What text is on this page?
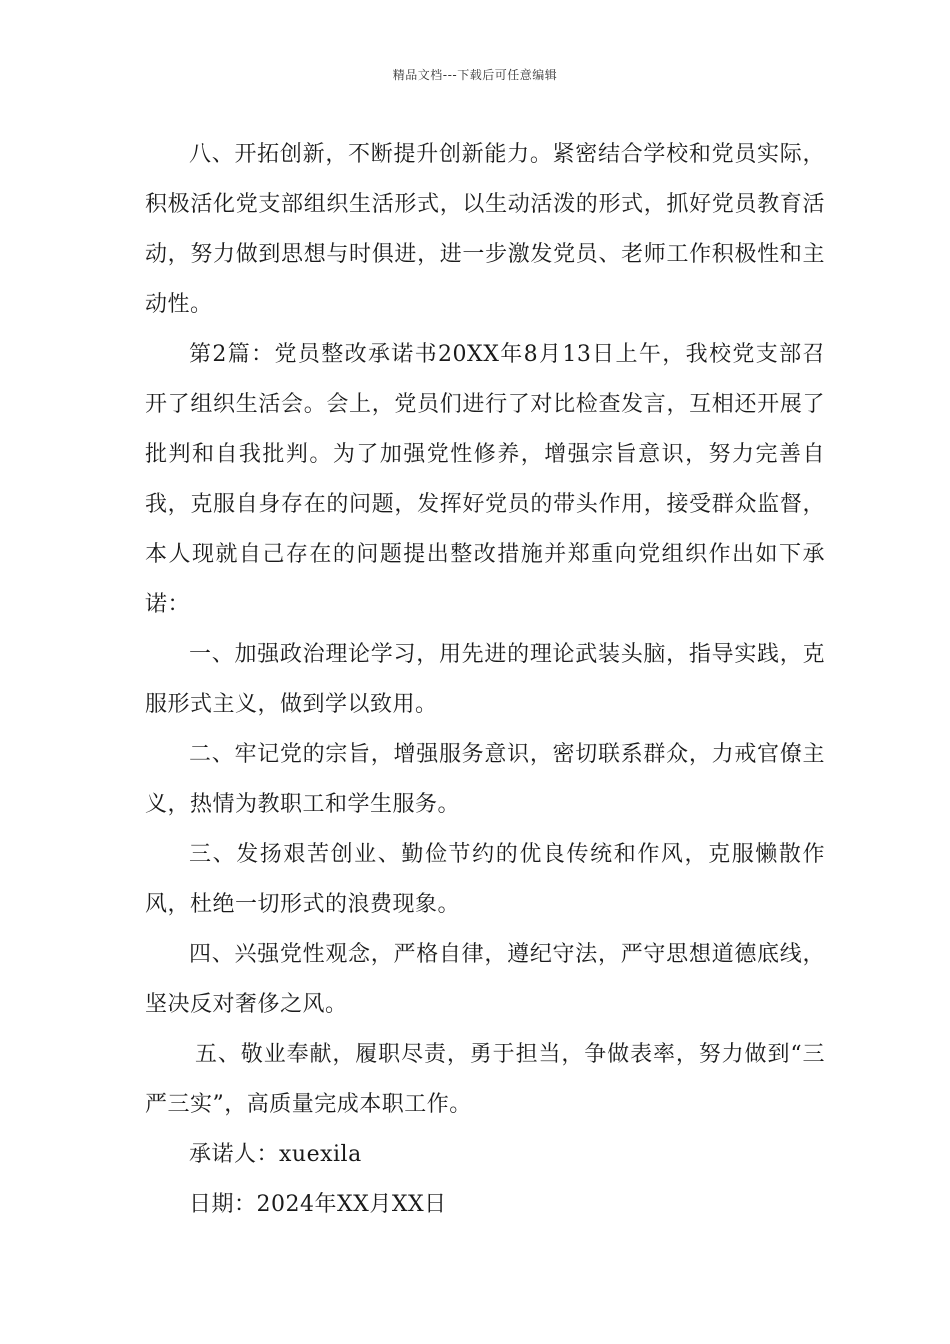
精品文档---下载后可任意编辑

八、开拓创新，不断提升创新能力。紧密结合学校和党员实际，积极活化党支部组织生活形式，以生动活泼的形式，抓好党员教育活动，努力做到思想与时俱进，进一步激发党员、老师工作积极性和主动性。

第2篇：党员整改承诺书20XX年8月13日上午，我校党支部召开了组织生活会。会上，党员们进行了对比检查发言，互相还开展了批判和自我批判。为了加强党性修养，增强宗旨意识，努力完善自我，克服自身存在的问题，发挥好党员的带头作用，接受群众监督，本人现就自己存在的问题提出整改措施并郑重向党组织作出如下承诺：

一、加强政治理论学习，用先进的理论武装头脑，指导实践，克服形式主义，做到学以致用。

二、牢记党的宗旨，增强服务意识，密切联系群众，力戒官僚主义，热情为教职工和学生服务。

三、发扬艰苦创业、勤俭节约的优良传统和作风，克服懒散作风，杜绝一切形式的浪费现象。

四、兴强党性观念，严格自律，遵纪守法，严守思想道德底线，坚决反对奢侈之风。

五、敬业奉献，履职尽责，勇于担当，争做表率，努力做到“三严三实”，高质量完成本职工作。

承诺人：xuexila

日期：2024年XX月XX日
